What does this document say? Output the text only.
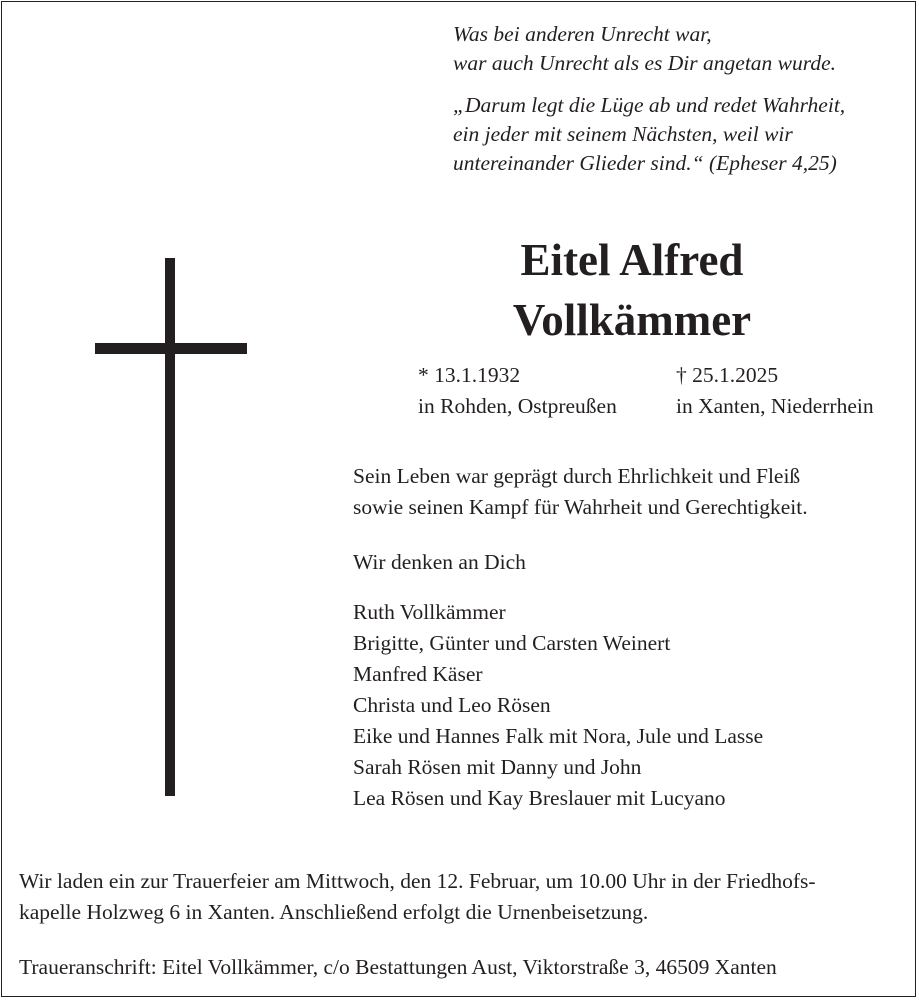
Was bei anderen Unrecht war,
war auch Unrecht als es Dir angetan wurde.
„Darum legt die Lüge ab und redet Wahrheit,
ein jeder mit seinem Nächsten, weil wir
untereinander Glieder sind.“ (Epheser 4,25)
Eitel Alfred
Vollkämmer
* 13.1.1932
in Rohden, Ostpreußen
† 25.1.2025
in Xanten, Niederrhein
Sein Leben war geprägt durch Ehrlichkeit und Fleiß
sowie seinen Kampf für Wahrheit und Gerechtigkeit.
Wir denken an Dich
Ruth Vollkämmer
Brigitte, Günter und Carsten Weinert
Manfred Käser
Christa und Leo Rösen
Eike und Hannes Falk mit Nora, Jule und Lasse
Sarah Rösen mit Danny und John
Lea Rösen und Kay Breslauer mit Lucyano
Wir laden ein zur Trauerfeier am Mittwoch, den 12. Februar, um 10.00 Uhr in der Friedhofs-
kapelle Holzweg 6 in Xanten. Anschließend erfolgt die Urnenbeisetzung.
Traueranschrift: Eitel Vollkämmer, c/o Bestattungen Aust, Viktorstraße 3, 46509 Xanten
